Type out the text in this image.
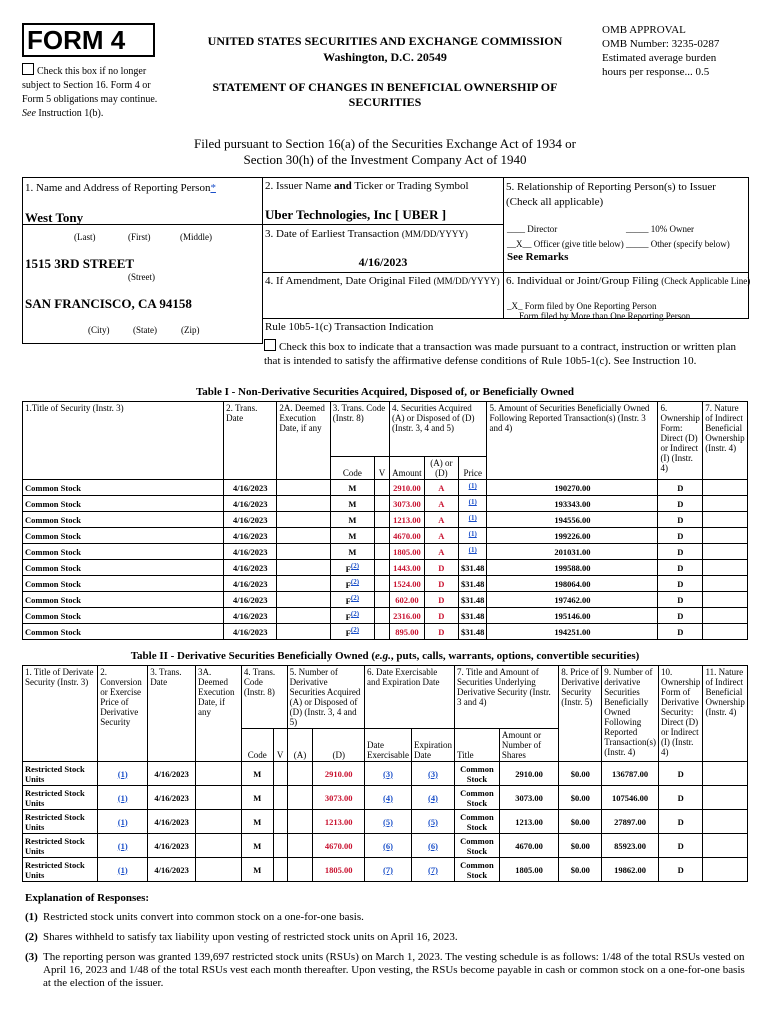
FORM 4
Check this box if no longer subject to Section 16. Form 4 or Form 5 obligations may continue. See Instruction 1(b).
UNITED STATES SECURITIES AND EXCHANGE COMMISSION
Washington, D.C. 20549
STATEMENT OF CHANGES IN BENEFICIAL OWNERSHIP OF SECURITIES
OMB APPROVAL
OMB Number: 3235-0287
Estimated average burden
hours per response... 0.5
Filed pursuant to Section 16(a) of the Securities Exchange Act of 1934 or
Section 30(h) of the Investment Company Act of 1940
1. Name and Address of Reporting Person*
West Tony
(Last)	(First)	(Middle)
1515 3RD STREET
(Street)
SAN FRANCISCO, CA 94158
(City)	(State)	(Zip)
2. Issuer Name and Ticker or Trading Symbol
Uber Technologies, Inc [ UBER ]
3. Date of Earliest Transaction (MM/DD/YYYY)
4/16/2023
4. If Amendment, Date Original Filed (MM/DD/YYYY)
5. Relationship of Reporting Person(s) to Issuer
(Check all applicable)
____ Director	_____ 10% Owner
__X__ Officer (give title below) _____ Other (specify below)
See Remarks
6. Individual or Joint/Group Filing (Check Applicable Line)
_X_ Form filed by One Reporting Person
Form filed by More than One Reporting Person
Rule 10b5-1(c) Transaction Indication
Check this box to indicate that a transaction was made pursuant to a contract, instruction or written plan that is intended to satisfy the affirmative defense conditions of Rule 10b5-1(c). See Instruction 10.
Table I - Non-Derivative Securities Acquired, Disposed of, or Beneficially Owned
1.Title of Security (Instr. 3)	2. Trans. Date	2A. Deemed Execution Date, if any	3. Trans. Code (Instr. 8)		4. Securities Acquired (A) or Disposed of (D) (Instr. 3, 4 and 5)			5. Amount of Securities Beneficially Owned Following Reported Transaction(s) (Instr. 3 and 4)	6. Ownership Form: Direct (D) or Indirect (I) (Instr. 4)	7. Nature of Indirect Beneficial Ownership (Instr. 4)
			Code	V	Amount	(A) or (D)	Price			
Common Stock	4/16/2023		M		2910.00	A	$^{(1)}$	190270.00	D	
Common Stock	4/16/2023		M		3073.00	A	$^{(1)}$	193343.00	D	
Common Stock	4/16/2023		M		1213.00	A	$^{(1)}$	194556.00	D	
Common Stock	4/16/2023		M		4670.00	A	$^{(1)}$	199226.00	D	
Common Stock	4/16/2023		M		1805.00	A	$^{(1)}$	201031.00	D	
Common Stock	4/16/2023		$F^{(2)}$		1443.00	D	$31.48	199588.00	D	
Common Stock	4/16/2023		$F^{(2)}$		1524.00	D	$31.48	198064.00	D	
Common Stock	4/16/2023		$F^{(2)}$		602.00	D	$31.48	197462.00	D	
Common Stock	4/16/2023		$F^{(2)}$		2316.00	D	$31.48	195146.00	D	
Common Stock	4/16/2023		$F^{(2)}$		895.00	D	$31.48	194251.00	D	
Table II - Derivative Securities Beneficially Owned (e.g., puts, calls, warrants, options, convertible securities)
1. Title of Derivate Security (Instr. 3)	2. Conversion or Exercise Price of Derivative Security	3. Trans. Date	3A. Deemed Execution Date, if any	4. Trans. Code (Instr. 8)		5. Number of Derivative Securities Acquired (A) or Disposed of (D) (Instr. 3, 4 and 5)		6. Date Exercisable and Expiration Date		7. Title and Amount of Securities Underlying Derivative Security (Instr. 3 and 4)		8. Price of Derivative Security (Instr. 5)	9. Number of derivative Securities Beneficially Owned Following Reported Transaction(s) (Instr. 4)	10. Ownership Form of Derivative Security: Direct (D) or Indirect (I) (Instr. 4)	11. Nature of Indirect Beneficial Ownership (Instr. 4)
				Code	V	(A)	(D)	Date Exercisable	Expiration Date	Title	Amount or Number of Shares				
Restricted Stock Units	(1)	4/16/2023		M			2910.00	(3)	(3)	Common Stock	2910.00	$0.00	136787.00	D	
Restricted Stock Units	(1)	4/16/2023		M			3073.00	(4)	(4)	Common Stock	3073.00	$0.00	107546.00	D	
Restricted Stock Units	(1)	4/16/2023		M			1213.00	(5)	(5)	Common Stock	1213.00	$0.00	27897.00	D	
Restricted Stock Units	(1)	4/16/2023		M			4670.00	(6)	(6)	Common Stock	4670.00	$0.00	85923.00	D	
Restricted Stock Units	(1)	4/16/2023		M			1805.00	(7)	(7)	Common Stock	1805.00	$0.00	19862.00	D	
Explanation of Responses:
(1) Restricted stock units convert into common stock on a one-for-one basis.
(2) Shares withheld to satisfy tax liability upon vesting of restricted stock units on April 16, 2023.
(3) The reporting person was granted 139,697 restricted stock units (RSUs) on March 1, 2023. The vesting schedule is as follows: 1/48 of the total RSUs vested on April 16, 2023 and 1/48 of the total RSUs vest each month thereafter. Upon vesting, the RSUs become payable in cash or common stock on a one-for-one basis at the election of the issuer.
